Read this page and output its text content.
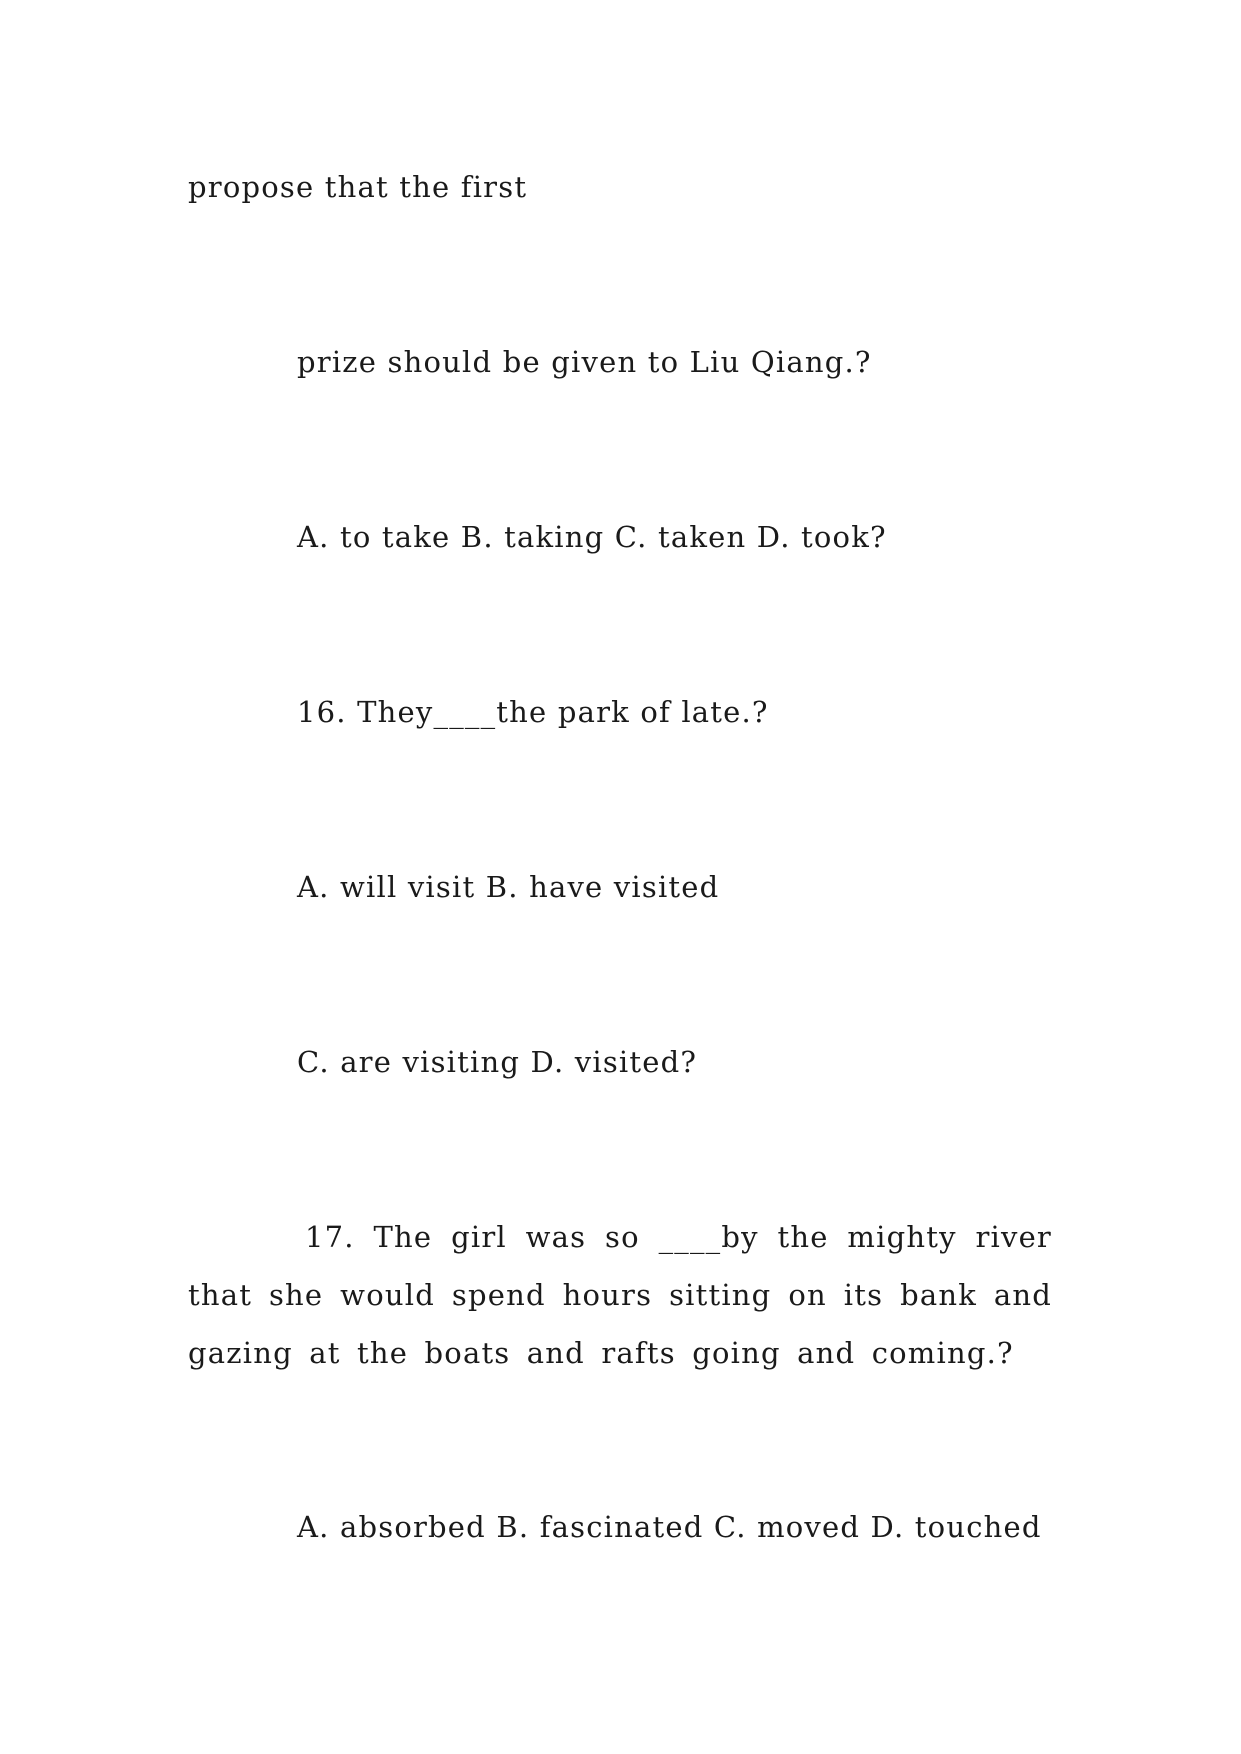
propose that the first
prize should be given to Liu Qiang.?
A. to take B. taking C. taken D. took?
16. They____the park of late.?
A. will visit B. have visited
C. are visiting D. visited?
17. The girl was so ____by the mighty river that she would spend hours sitting on its bank and gazing at the boats and rafts going and coming.?
A. absorbed B. fascinated C. moved D. touched
